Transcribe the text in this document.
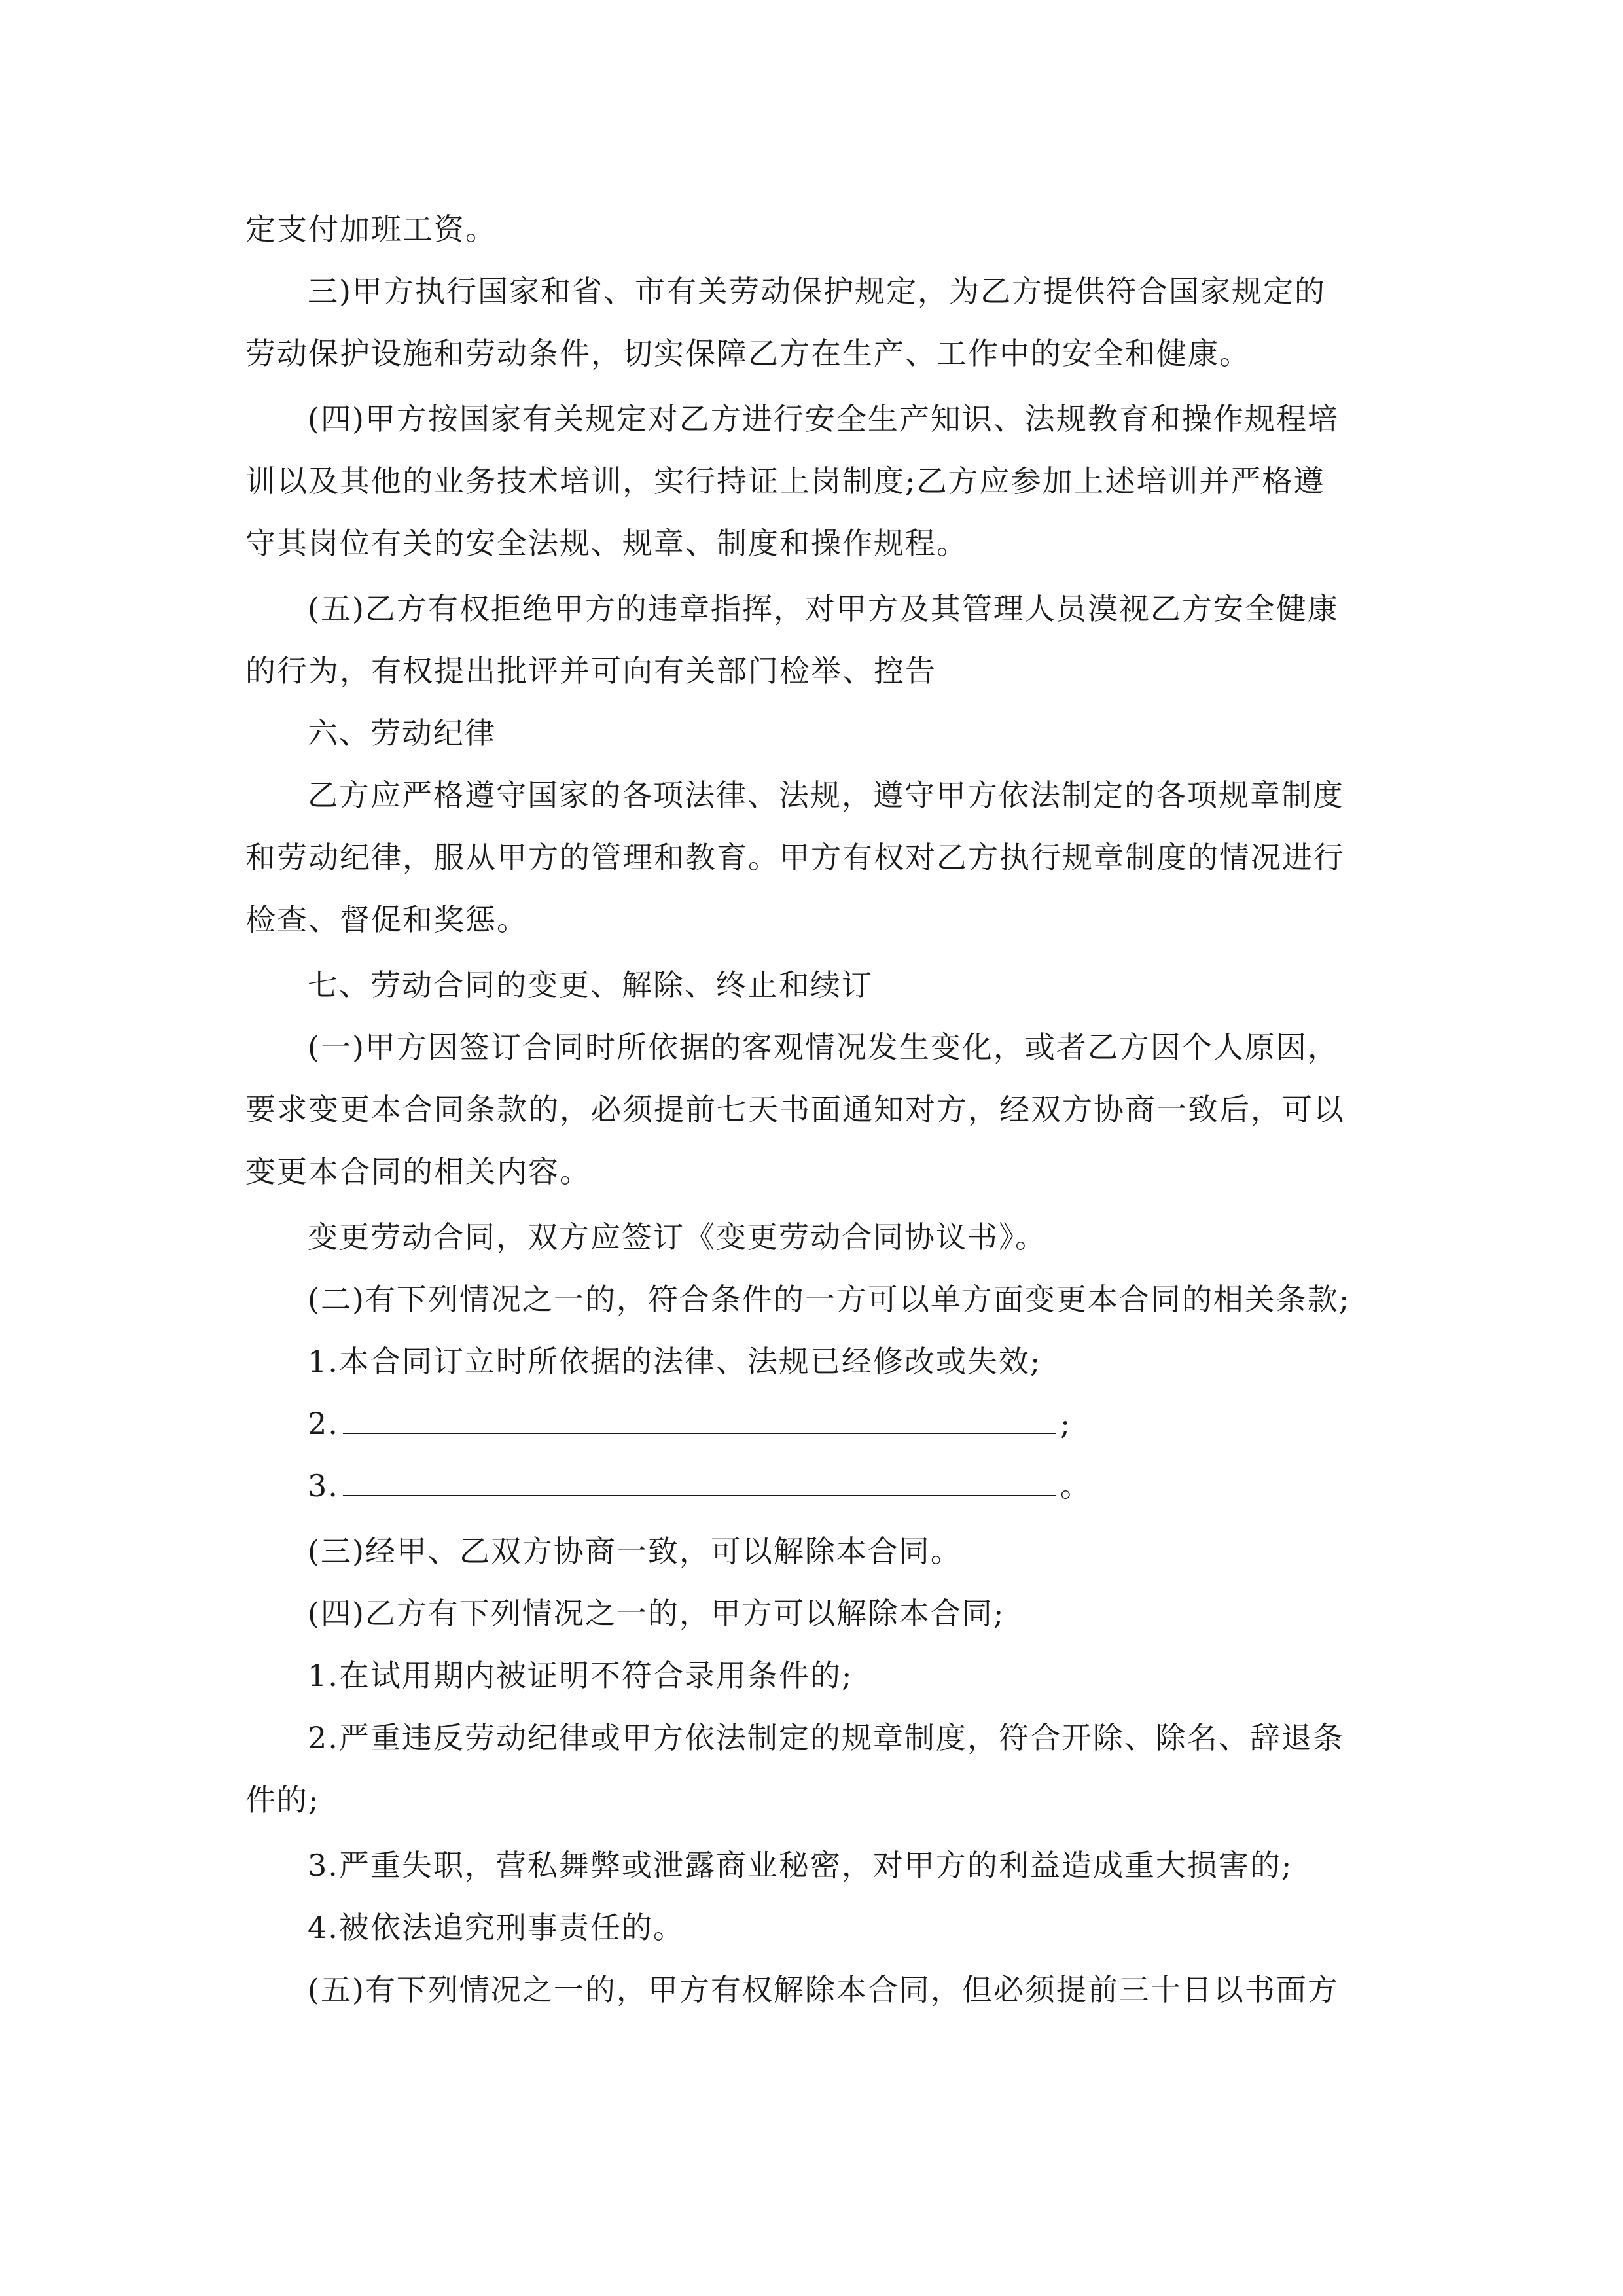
定支付加班工资。
三)甲方执行国家和省、市有关劳动保护规定，为乙方提供符合国家规定的
劳动保护设施和劳动条件，切实保障乙方在生产、工作中的安全和健康。
(四)甲方按国家有关规定对乙方进行安全生产知识、法规教育和操作规程培
训以及其他的业务技术培训，实行持证上岗制度;乙方应参加上述培训并严格遵
守其岗位有关的安全法规、规章、制度和操作规程。
(五)乙方有权拒绝甲方的违章指挥，对甲方及其管理人员漠视乙方安全健康
的行为，有权提出批评并可向有关部门检举、控告
六、劳动纪律
乙方应严格遵守国家的各项法律、法规，遵守甲方依法制定的各项规章制度
和劳动纪律，服从甲方的管理和教育。甲方有权对乙方执行规章制度的情况进行
检查、督促和奖惩。
七、劳动合同的变更、解除、终止和续订
(一)甲方因签订合同时所依据的客观情况发生变化，或者乙方因个人原因，
要求变更本合同条款的，必须提前七天书面通知对方，经双方协商一致后，可以
变更本合同的相关内容。
变更劳动合同，双方应签订《变更劳动合同协议书》。
(二)有下列情况之一的，符合条件的一方可以单方面变更本合同的相关条款;
1.本合同订立时所依据的法律、法规已经修改或失效;
2.	;
3.	。
(三)经甲、乙双方协商一致，可以解除本合同。
(四)乙方有下列情况之一的，甲方可以解除本合同;
1.在试用期内被证明不符合录用条件的;
2.严重违反劳动纪律或甲方依法制定的规章制度，符合开除、除名、辞退条
件的;
3.严重失职，营私舞弊或泄露商业秘密，对甲方的利益造成重大损害的;
4.被依法追究刑事责任的。
(五)有下列情况之一的，甲方有权解除本合同，但必须提前三十日以书面方
